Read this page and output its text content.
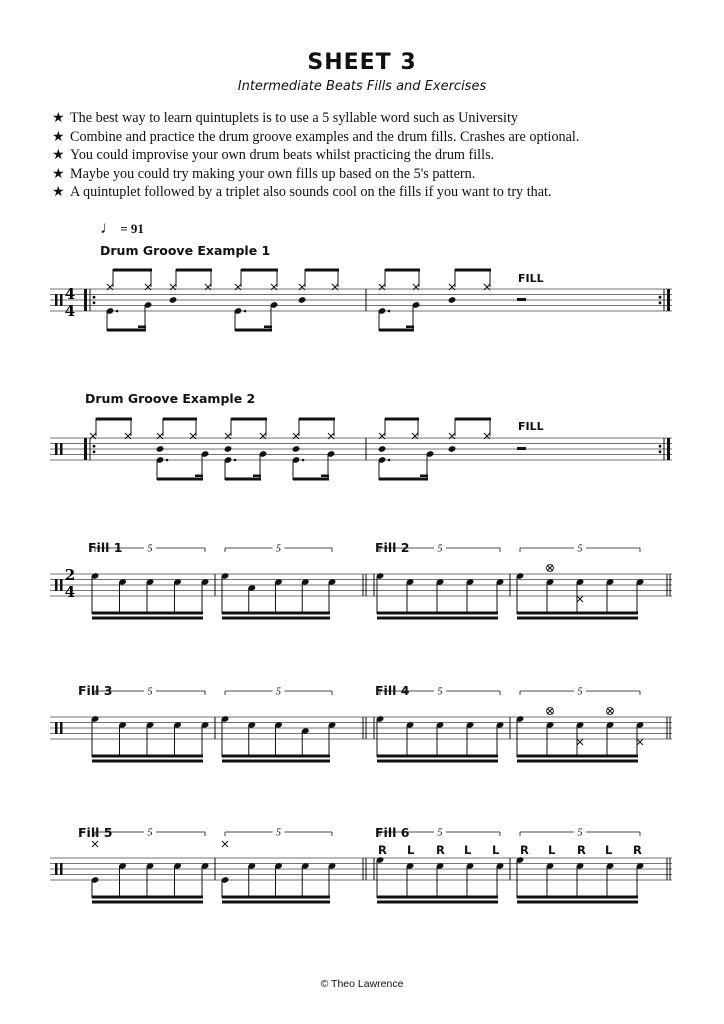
SHEET 3
Intermediate Beats Fills and Exercises
★ The best way to learn quintuplets is to use a 5 syllable word such as University
★ Combine and practice the drum groove examples and the drum fills. Crashes are optional.
★ You could improvise your own drum beats whilst practicing the drum fills.
★ Maybe you could try making your own fills up based on the 5's pattern.
★ A quintuplet followed by a triplet also sounds cool on the fills if you want to try that.
♩ = 91
Drum Groove Example 1
FILL
Drum Groove Example 2
FILL
Fill 1	Fill 2
Fill 3	Fill 4
Fill 5	Fill 6
R L R L L R L R L R
4
4
2
4
5	5	5	5
5	5	5	5
5	5	5	5
© Theo Lawrence
